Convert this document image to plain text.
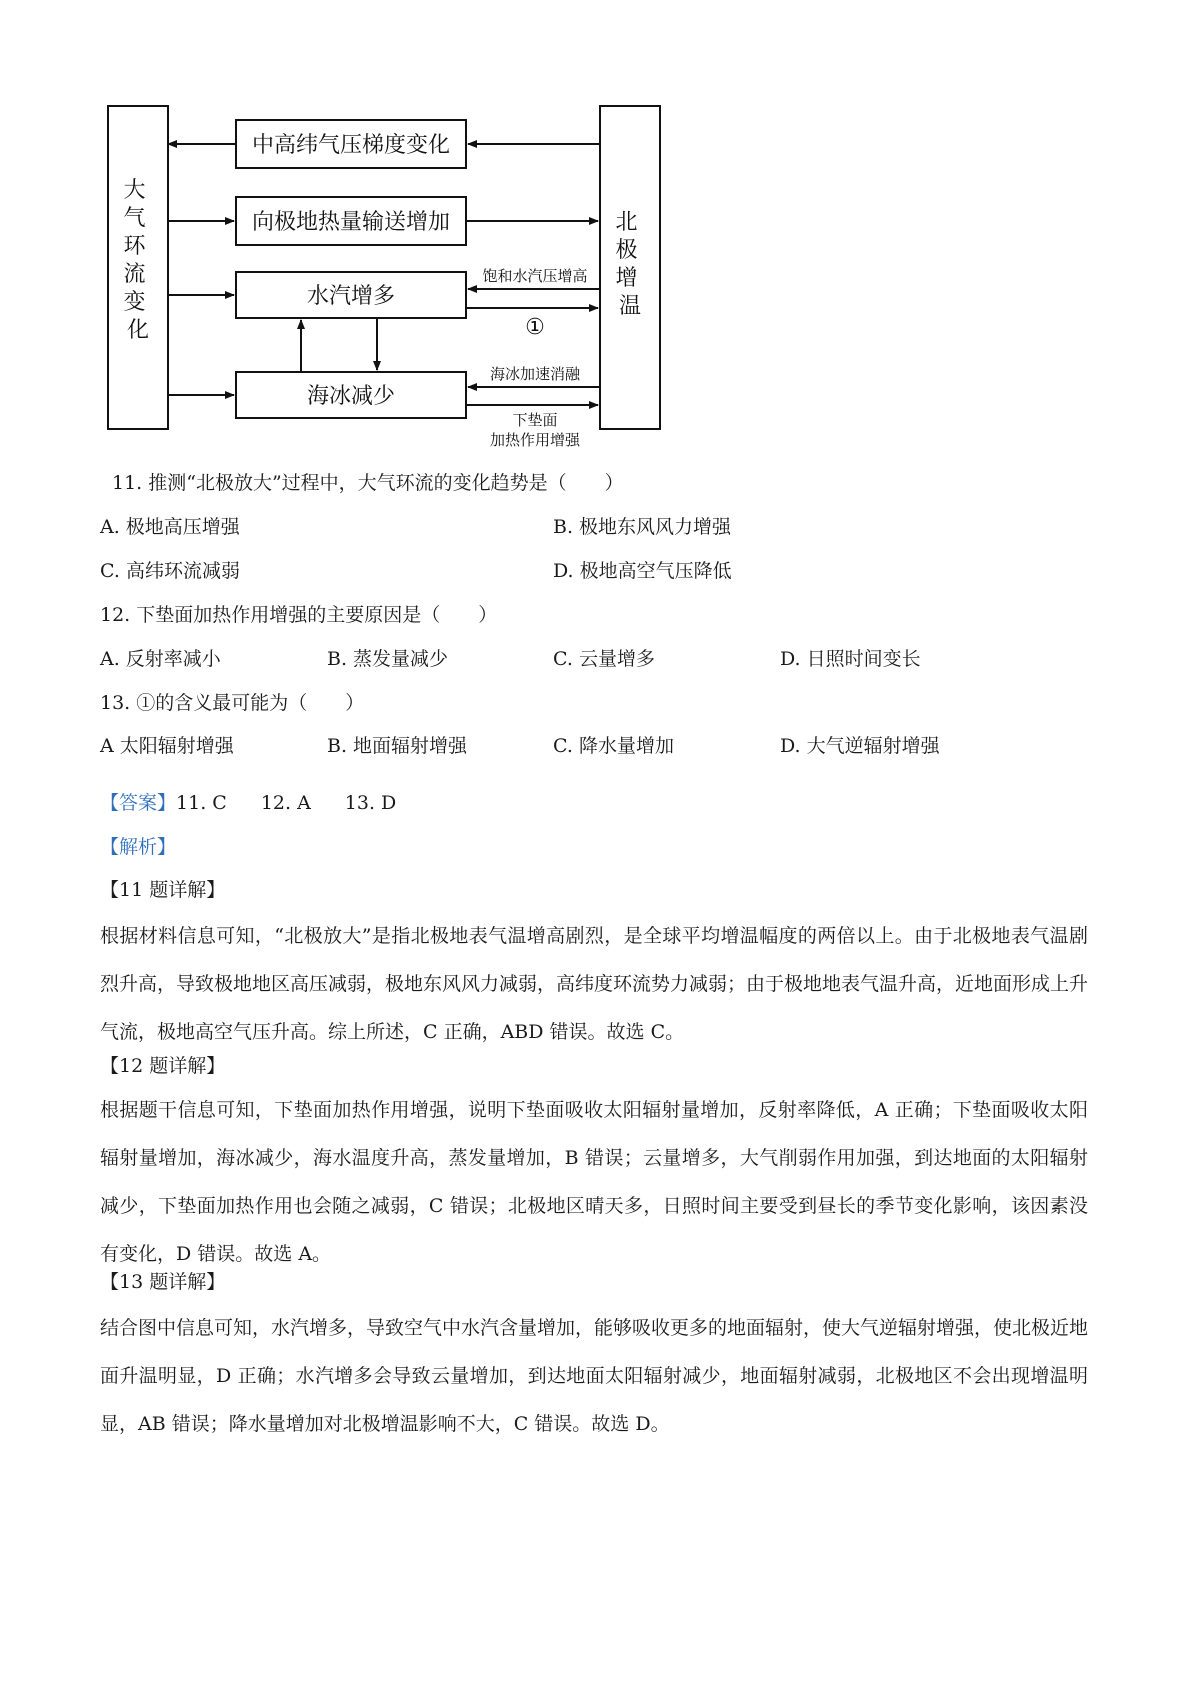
大 气 环 流 变 化
北 极 增 温
中高纬气压梯度变化
向极地热量输送增加
水汽增多
海冰减少
饱和水汽压增高
①
海冰加速消融
下垫面
加热作用增强
11. 推测“北极放大”过程中，大气环流的变化趋势是（　　）
A. 极地高压增强	B. 极地东风风力增强
C. 高纬环流减弱	D. 极地高空气压降低
12. 下垫面加热作用增强的主要原因是（　　）
A. 反射率减小	B. 蒸发量减少	C. 云量增多	D. 日照时间变长
13. ①的含义最可能为（　　）
A 太阳辐射增强	B. 地面辐射增强	C. 降水量增加	D. 大气逆辐射增强
【答案】11. C 12. A 13. D
【解析】
【11 题详解】
根据材料信息可知，“北极放大”是指北极地表气温增高剧烈，是全球平均增温幅度的两倍以上。由于北极地表气温剧烈升高，导致极地地区高压减弱，极地东风风力减弱，高纬度环流势力减弱；由于极地地表气温升高，近地面形成上升气流，极地高空气压升高。综上所述，C 正确，ABD 错误。故选 C。
【12 题详解】
根据题干信息可知，下垫面加热作用增强，说明下垫面吸收太阳辐射量增加，反射率降低，A 正确；下垫面吸收太阳辐射量增加，海冰减少，海水温度升高，蒸发量增加，B 错误；云量增多，大气削弱作用加强，到达地面的太阳辐射减少，下垫面加热作用也会随之减弱，C 错误；北极地区晴天多，日照时间主要受到昼长的季节变化影响，该因素没有变化，D 错误。故选 A。
【13 题详解】
结合图中信息可知，水汽增多，导致空气中水汽含量增加，能够吸收更多的地面辐射，使大气逆辐射增强，使北极近地面升温明显，D 正确；水汽增多会导致云量增加，到达地面太阳辐射减少，地面辐射减弱，北极地区不会出现增温明显，AB 错误；降水量增加对北极增温影响不大，C 错误。故选 D。
